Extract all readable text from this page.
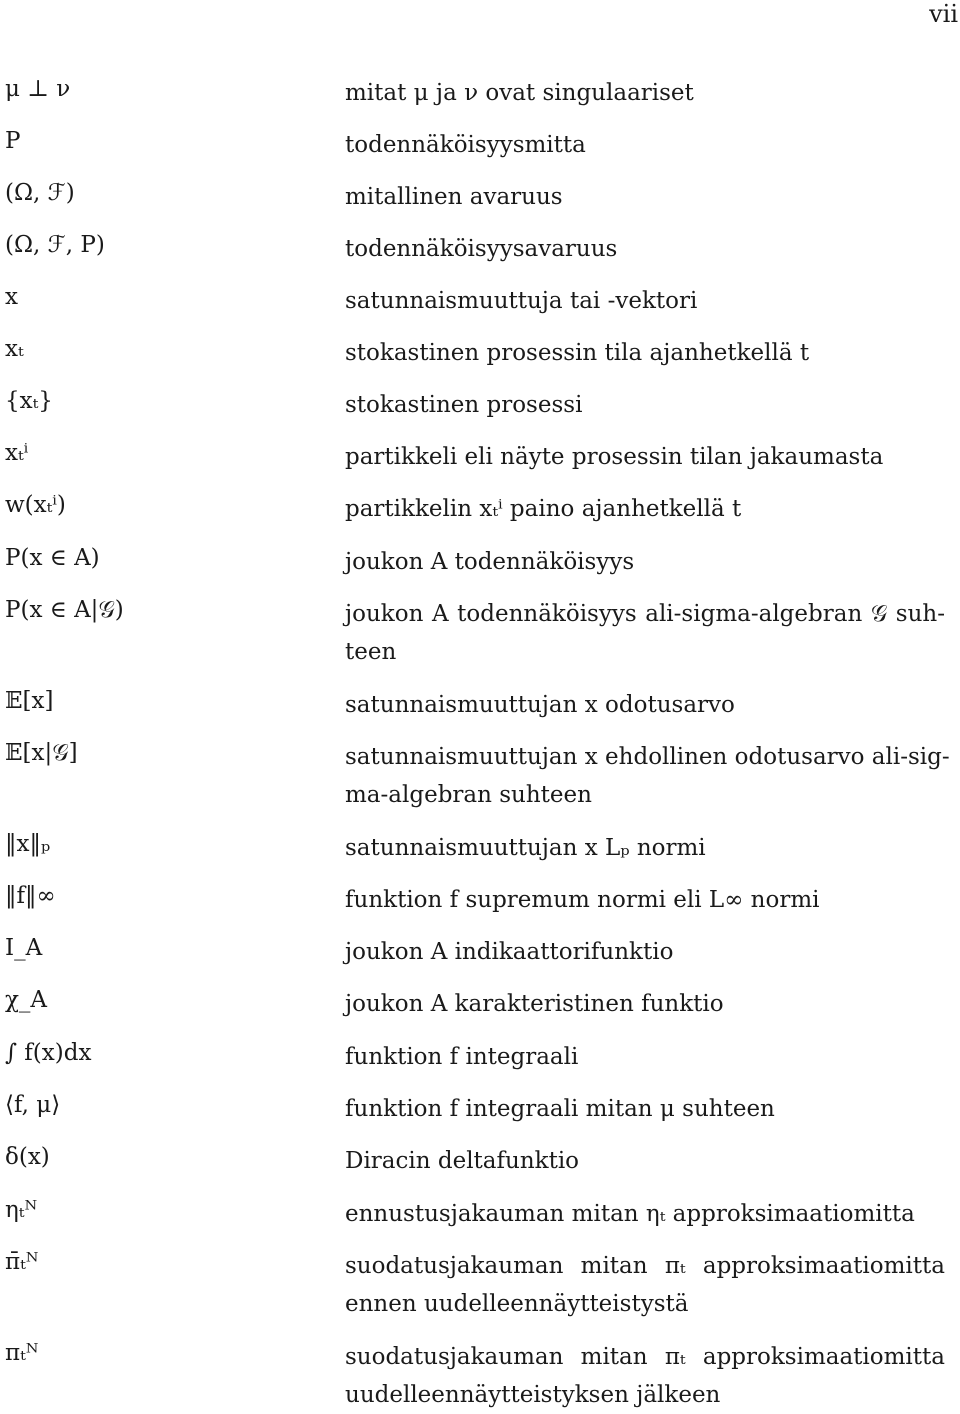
vii
μ ⊥ ν	mitat μ ja ν ovat singulaariset
P	todennäköisyysmitta
(Ω, ℱ)	mitallinen avaruus
(Ω, ℱ, P)	todennäköisyysavaruus
x	satunnaismuuttuja tai -vektori
xₜ	stokastinen prosessin tila ajanhetkellä t
{xₜ}	stokastinen prosessi
xₜⁱ	partikkeli eli näyte prosessin tilan jakaumasta
w(xₜⁱ)	partikkelin xₜⁱ paino ajanhetkellä t
P(x ∈ A)	joukon A todennäköisyys
P(x ∈ A|𝒢)	joukon A todennäköisyys ali-sigma-algebran 𝒢 suh-
teen
𝔼[x]	satunnaismuuttujan x odotusarvo
𝔼[x|𝒢]	satunnaismuuttujan x ehdollinen odotusarvo ali-sig-
ma-algebran suhteen
‖x‖ₚ	satunnaismuuttujan x Lₚ normi
‖f‖∞	funktion f supremum normi eli L∞ normi
I_A	joukon A indikaattorifunktio
χ_A	joukon A karakteristinen funktio
∫ f(x)dx	funktion f integraali
⟨f, μ⟩	funktion f integraali mitan μ suhteen
δ(x)	Diracin deltafunktio
ηₜᴺ	ennustusjakauman mitan ηₜ approksimaatiomitta
π̄ₜᴺ	suodatusjakauman mitan πₜ approksimaatiomitta
ennen uudelleennäytteistystä
πₜᴺ	suodatusjakauman mitan πₜ approksimaatiomitta
uudelleennäytteistyksen jälkeen
